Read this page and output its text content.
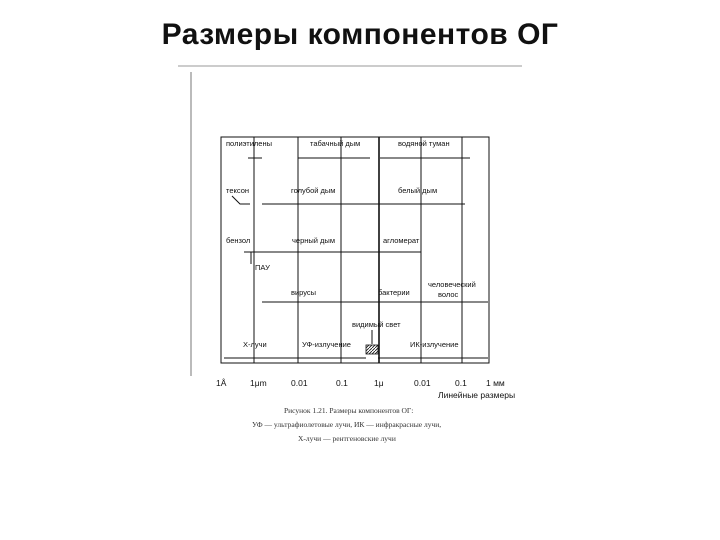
Размеры компонентов ОГ
полиэтилены	табачный дым	водяной туман
тексон	голубой дым	белый дым
бензол	черный дым	агломерат
ПАУ
вирусы	бактерии
человеческий
волос
видимый свет
Х-лучи	УФ-излучение	ИК-излучение
1Å	1μm	0.01	0.1	1μ	0.01	0.1 1 мм
Линейные размеры
Рисунок 1.21. Размеры компонентов ОГ:
УФ — ультрафиолетовые лучи, ИК — инфракрасные лучи,
Х-лучи — рентгеновские лучи
